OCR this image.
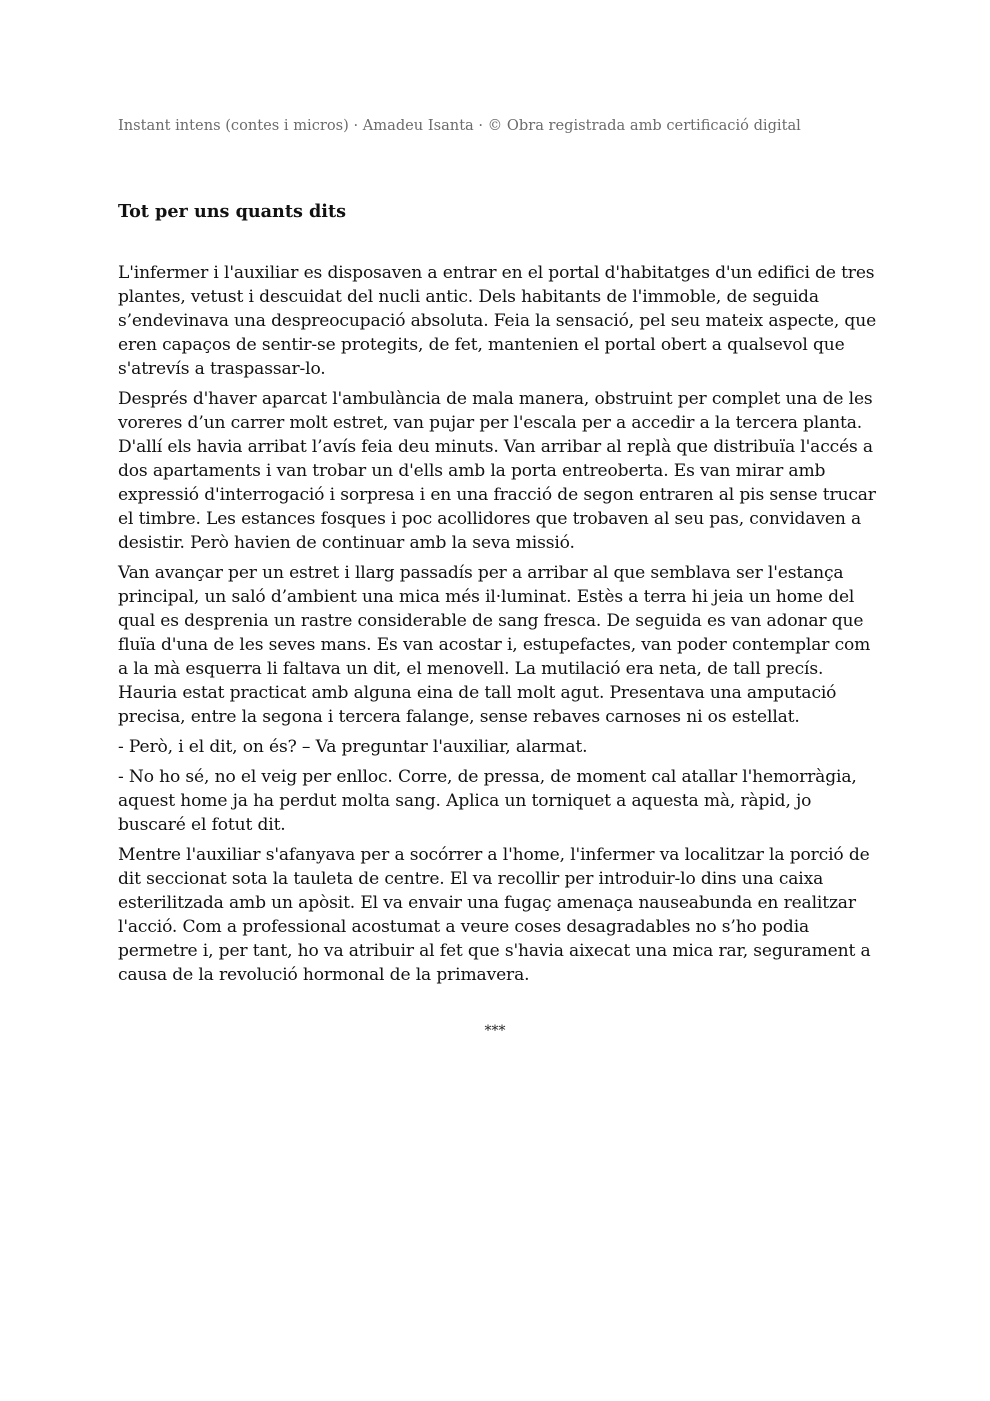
Instant intens (contes i micros) · Amadeu Isanta · © Obra registrada amb certificació digital

Tot per uns quants dits

L'infermer i l'auxiliar es disposaven a entrar en el portal d'habitatges d'un edifici de tres plantes, vetust i descuidat del nucli antic. Dels habitants de l'immoble, de seguida s’endevinava una despreocupació absoluta. Feia la sensació, pel seu mateix aspecte, que eren capaços de sentir-se protegits, de fet, mantenien el portal obert a qualsevol que s'atrevís a traspassar-lo.

Després d'haver aparcat l'ambulància de mala manera, obstruint per complet una de les voreres d’un carrer molt estret, van pujar per l'escala per a accedir a la tercera planta. D'allí els havia arribat l’avís feia deu minuts. Van arribar al replà que distribuïa l'accés a dos apartaments i van trobar un d'ells amb la porta entreoberta. Es van mirar amb expressió d'interrogació i sorpresa i en una fracció de segon entraren al pis sense trucar el timbre. Les estances fosques i poc acollidores que trobaven al seu pas, convidaven a desistir. Però havien de continuar amb la seva missió.

Van avançar per un estret i llarg passadís per a arribar al que semblava ser l'estança principal, un saló d’ambient una mica més il·luminat. Estès a terra hi jeia un home del qual es desprenia un rastre considerable de sang fresca. De seguida es van adonar que fluïa d'una de les seves mans. Es van acostar i, estupefactes, van poder contemplar com a la mà esquerra li faltava un dit, el menovell. La mutilació era neta, de tall precís. Hauria estat practicat amb alguna eina de tall molt agut. Presentava una amputació precisa, entre la segona i tercera falange, sense rebaves carnoses ni os estellat.

- Però, i el dit, on és? – Va preguntar l'auxiliar, alarmat.

- No ho sé, no el veig per enlloc. Corre, de pressa, de moment cal atallar l'hemorràgia, aquest home ja ha perdut molta sang. Aplica un torniquet a aquesta mà, ràpid, jo buscaré el fotut dit.

Mentre l'auxiliar s'afanyava per a socórrer a l'home, l'infermer va localitzar la porció de dit seccionat sota la tauleta de centre. El va recollir per introduir-lo dins una caixa esterilitzada amb un apòsit. El va envair una fugaç amenaça nauseabunda en realitzar l'acció. Com a professional acostumat a veure coses desagradables no s’ho podia permetre i, per tant, ho va atribuir al fet que s'havia aixecat una mica rar, segurament a causa de la revolució hormonal de la primavera.

***
